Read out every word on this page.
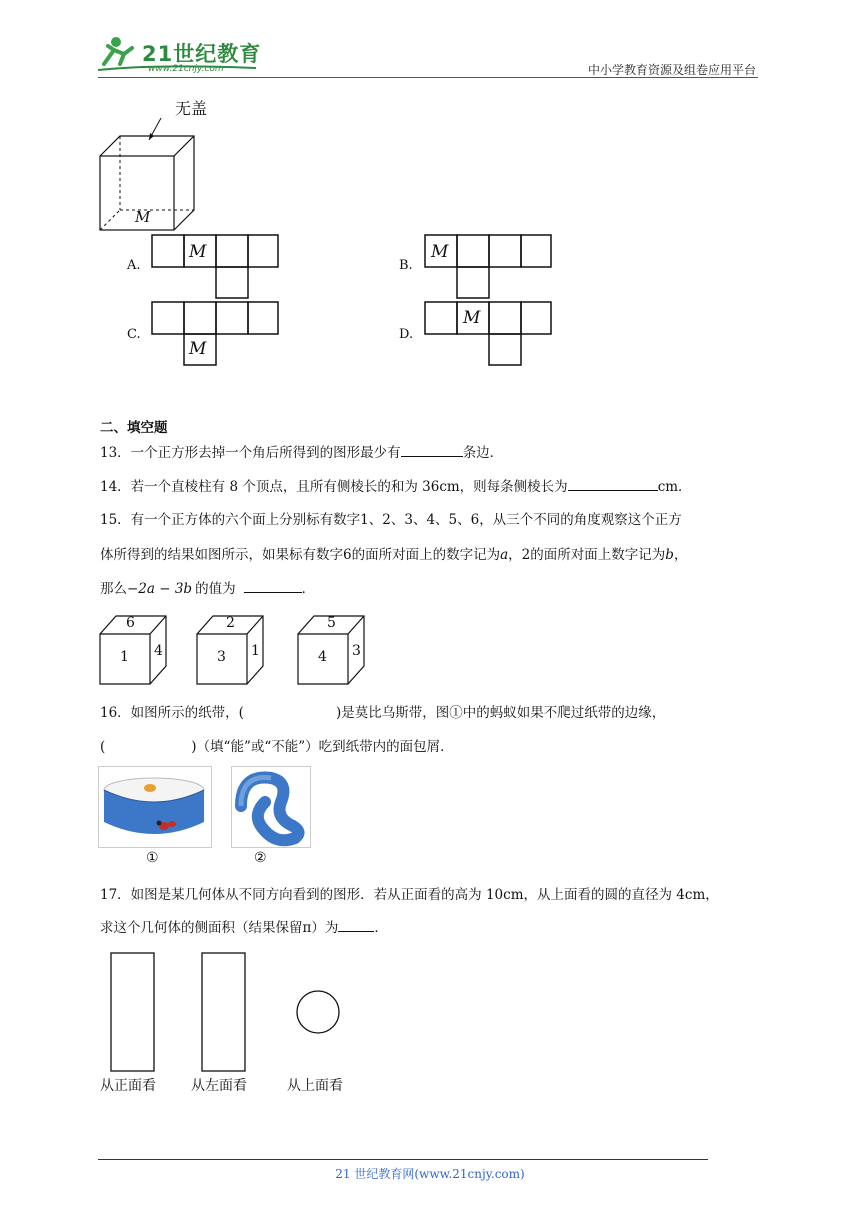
21世纪教育
www.21cnjy.com	中小学教育资源及组卷应用平台
无盖
M
A.
M
B.
M
C.
M
D.
M
二、填空题
13．一个正方形去掉一个角后所得到的图形最少有	条边．
14．若一个直棱柱有 8 个顶点，且所有侧棱长的和为 36cm，则每条侧棱长为	cm．
15．有一个正方体的六个面上分别标有数字1、2、3、4、5、6，从三个不同的角度观察这个正方
体所得到的结果如图所示，如果标有数字6的面所对面上的数字记为a，2的面所对面上数字记为b，
那么−2a − 3b 的值为	．
6
1 4
2
3 1
5
4 3
16．如图所示的纸带，(	)是莫比乌斯带，图①中的蚂蚁如果不爬过纸带的边缘，
(	)（填“能”或“不能”）吃到纸带内的面包屑．
①	②
17．如图是某几何体从不同方向看到的图形．若从正面看的高为 10cm，从上面看的圆的直径为 4cm，
求这个几何体的侧面积（结果保留π）为	．
从正面看	从左面看	从上面看
21 世纪教育网(www.21cnjy.com)
